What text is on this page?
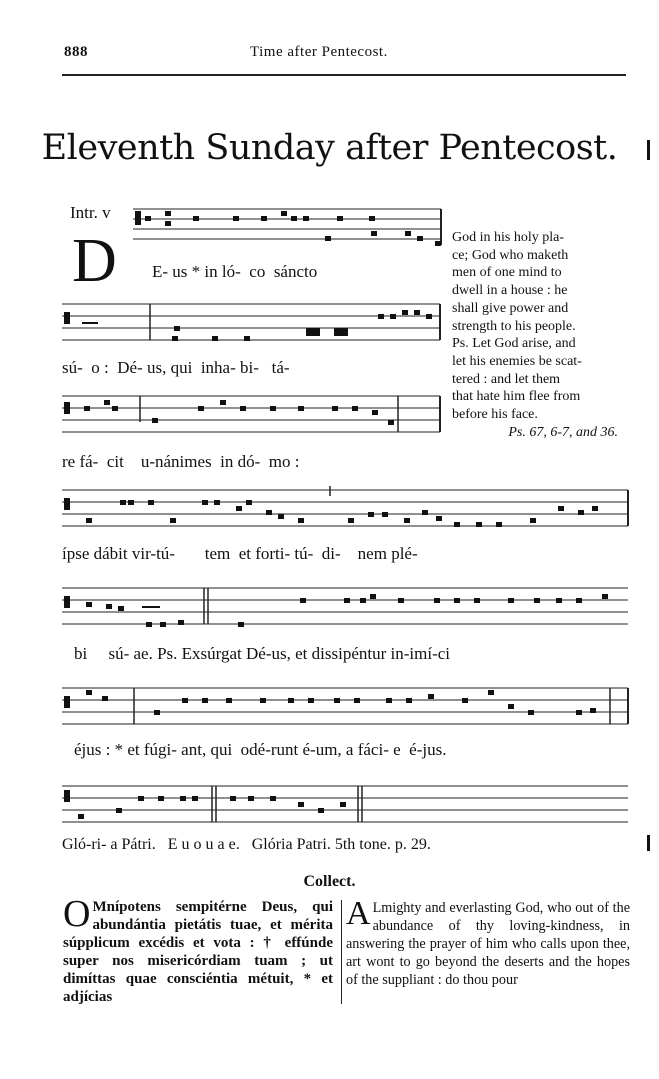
888	Time after Pentecost.
Eleventh Sunday after Pentecost.
Intr. v
D E- us * in ló-  co  sáncto
sú-  o :  Dé- us, qui  inha- bi-   tá-
re fá-  cit    u-nánimes  in dó-  mo :
God in his holy pla-
ce; God who maketh
men of one mind to
dwell in a house : he
shall give power and
strength to his people.
Ps. Let God arise, and
let his enemies be scat-
tered : and let them
that hate him flee from
before his face.
Ps. 67, 6-7, and 36.
ípse dábit vir-tú-       tem  et forti- tú-  di-    nem plé-
bi     sú- ae. Ps. Exsúrgat Dé-us, et dissipéntur in-imí-ci
éjus : * et fúgi- ant, qui  odé-runt é-um, a fáci- e  é-jus.
Gló-ri- a Pátri.   E u o u a e.   Glória Patri. 5th tone. p. 29.
Collect.
O Mnípotens sempitérne Deus, qui abundántia pietátis tuae, et mérita súpplicum excédis et vota : † effúnde super nos misericórdiam tuam ; ut dimíttas quae consciéntia métuit, * et adjícias
A Lmighty and everlasting God, who out of the abundance of thy loving-kindness, in answering the prayer of him who calls upon thee, art wont to go beyond the deserts and the hopes of the suppliant : do thou pour
